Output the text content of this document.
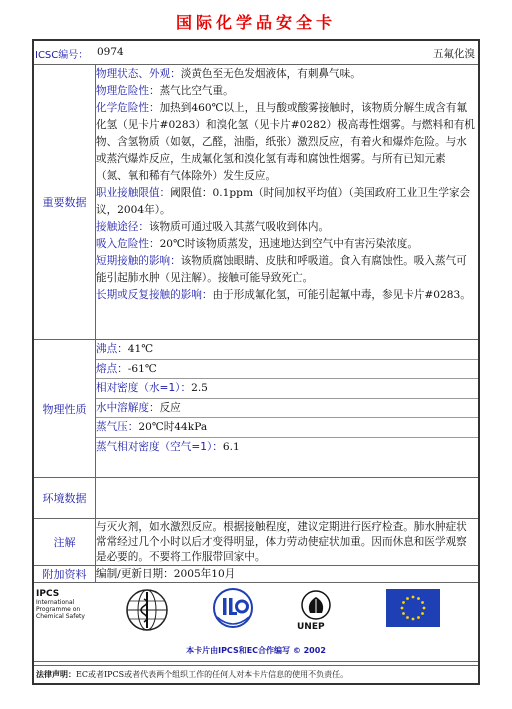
国际化学品安全卡
ICSC编号： 0974	五氟化溴
重要数据

物理状态、外观：淡黄色至无色发烟液体，有刺鼻气味。

物理危险性：蒸气比空气重。

化学危险性：加热到460℃以上，且与酸或酸雾接触时，该物质分解生成含有氟化氢（见卡片#0283）和溴化氢（见卡片#0282）极高毒性烟雾。与燃料和有机物、含氢物质（如氨，乙醛，油脂，纸张）激烈反应，有着火和爆炸危险。与水或蒸汽爆炸反应，生成氟化氢和溴化氢有毒和腐蚀性烟雾。与所有已知元素（氮、氧和稀有气体除外）发生反应。

职业接触限值：阈限值：0.1ppm（时间加权平均值）（美国政府工业卫生学家会议，2004年）。

接触途径：该物质可通过吸入其蒸气吸收到体内。

吸入危险性：20℃时该物质蒸发，迅速地达到空气中有害污染浓度。

短期接触的影响：该物质腐蚀眼睛、皮肤和呼吸道。食入有腐蚀性。吸入蒸气可能引起肺水肿（见注解）。接触可能导致死亡。

长期或反复接触的影响：由于形成氟化氢，可能引起氟中毒，参见卡片#0283。

物理性质
沸点：41℃
熔点：-61℃
相对密度（水=1）：2.5
水中溶解度：反应
蒸气压：20℃时44kPa
蒸气相对密度（空气=1）：6.1
环境数据
注解
与灭火剂，如水激烈反应。根据接触程度，建议定期进行医疗检查。肺水肿症状常常经过几个小时以后才变得明显，体力劳动使症状加重。因而休息和医学观察是必要的。不要将工作服带回家中。
附加资料 编制/更新日期：2005年10月
IPCS
International
Programme on
Chemical Safety
UNEP
本卡片由IPCS和EC合作编写 © 2002
法律声明：EC或者IPCS或者代表两个组织工作的任何人对本卡片信息的使用不负责任。
